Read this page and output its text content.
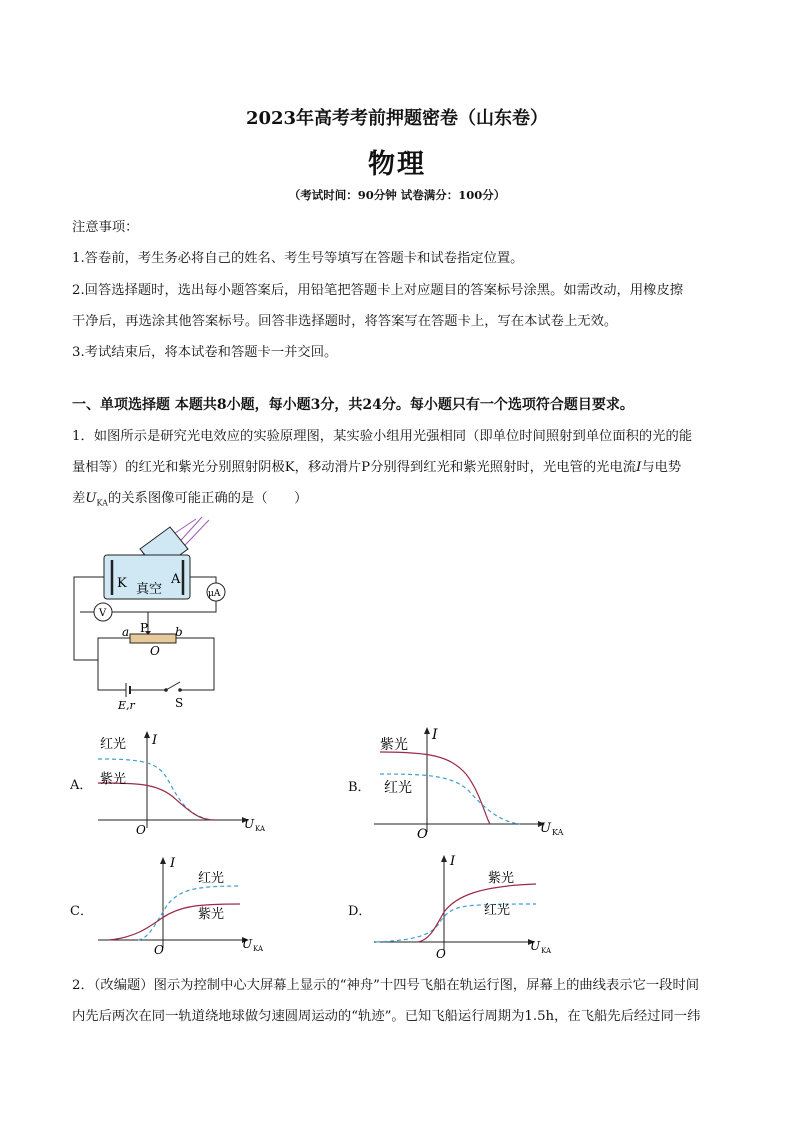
2023年高考考前押题密卷（山东卷）
物理
（考试时间：90分钟 试卷满分：100分）
注意事项：
1.答卷前，考生务必将自己的姓名、考生号等填写在答题卡和试卷指定位置。
2.回答选择题时，选出每小题答案后，用铅笔把答题卡上对应题目的答案标号涂黑。如需改动，用橡皮擦
干净后，再选涂其他答案标号。回答非选择题时，将答案写在答题卡上，写在本试卷上无效。
3.考试结束后，将本试卷和答题卡一并交回。
一、单项选择题 本题共8小题，每小题3分，共24分。每小题只有一个选项符合题目要求。
1．如图所示是研究光电效应的实验原理图，某实验小组用光强相同（即单位时间照射到单位面积的光的能
量相等）的红光和紫光分别照射阴极K，移动滑片P分别得到红光和紫光照射时，光电管的光电流I与电势
差$U_{KA}$的关系图像可能正确的是（　　）
K	A
真空	μA
V
a P b
O
E,r	S
A．
I
U KA
O
红光
紫光
B．
I
U KA
O
紫光
红光
C．
I
U KA
O
红光
紫光	D．
I
U KA
O
紫光
红光
2．（改编题）图示为控制中心大屏幕上显示的“神舟”十四号飞船在轨运行图，屏幕上的曲线表示它一段时间
内先后两次在同一轨道绕地球做匀速圆周运动的“轨迹”。已知飞船运行周期为1.5h，在飞船先后经过同一纬
